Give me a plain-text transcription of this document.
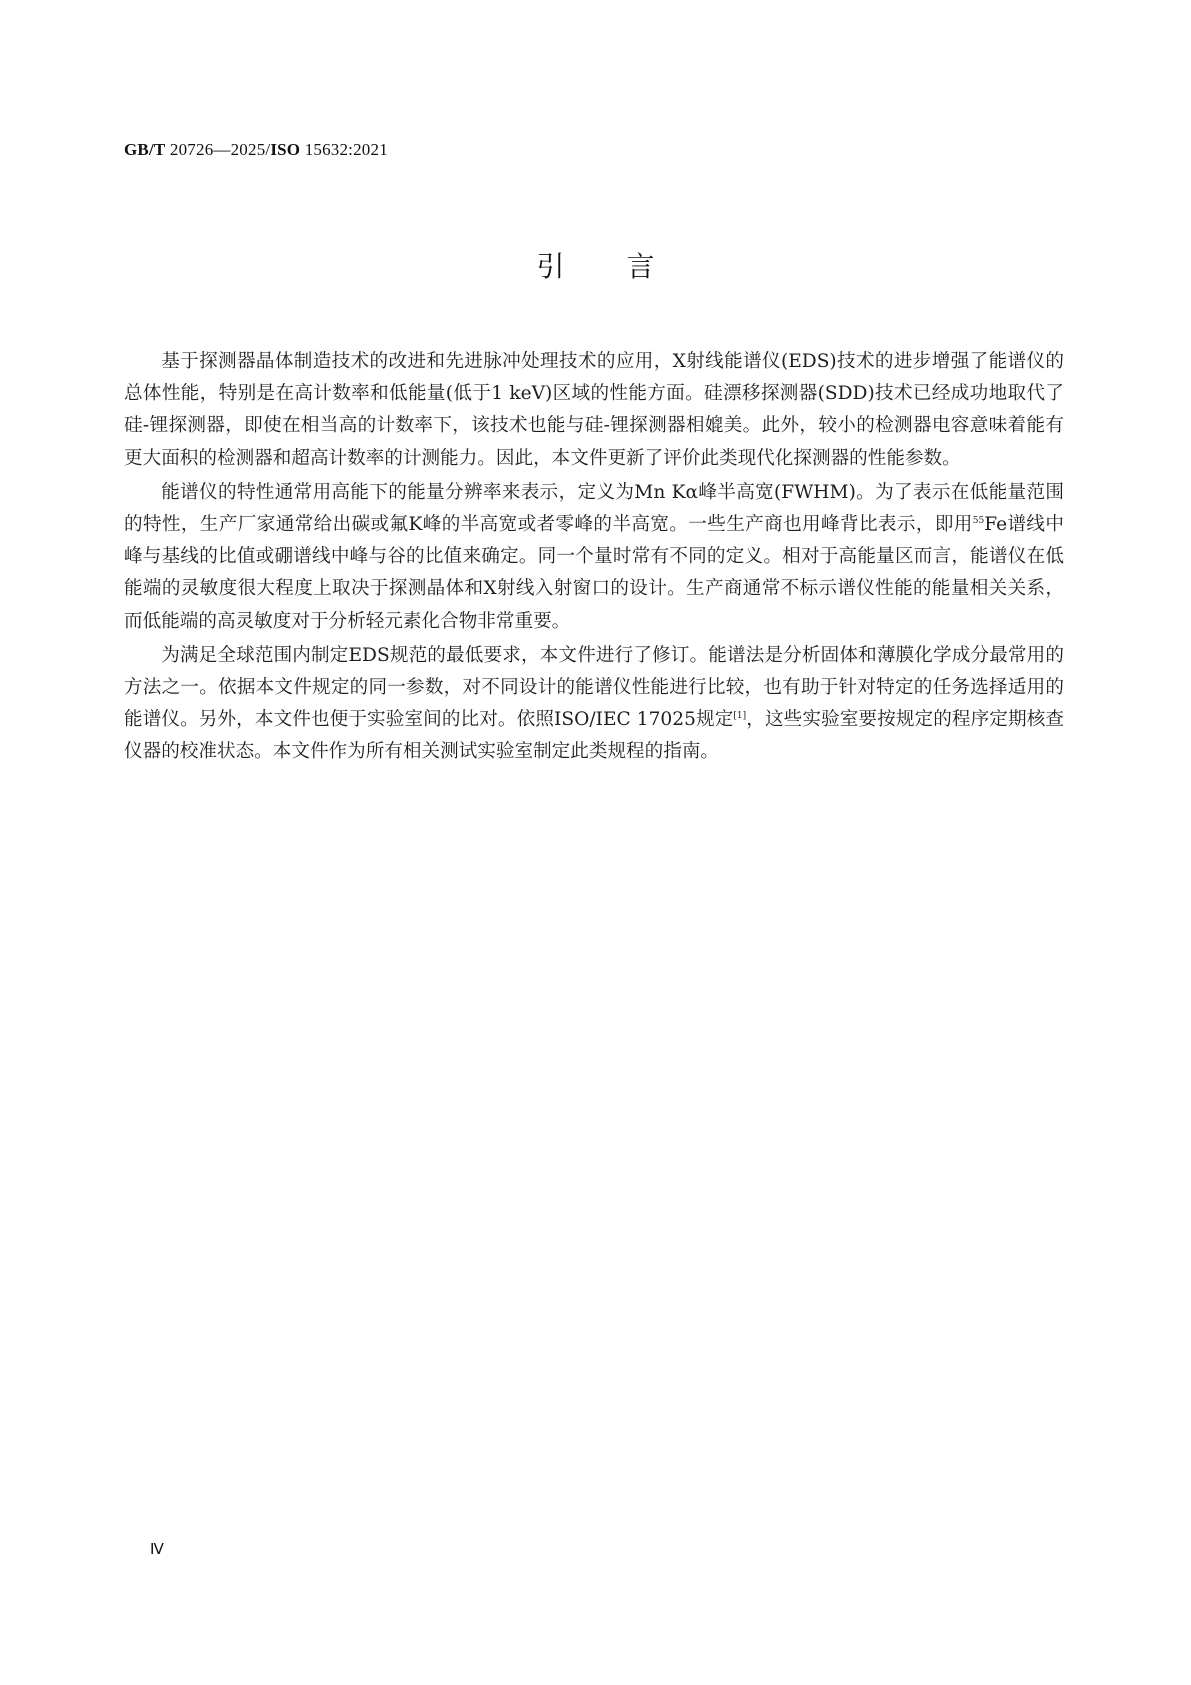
GB/T 20726—2025/ISO 15632:2021
引言

基于探测器晶体制造技术的改进和先进脉冲处理技术的应用，X射线能谱仪(EDS)技术的进步增强了能谱仪的总体性能，特别是在高计数率和低能量(低于1 keV)区域的性能方面。硅漂移探测器(SDD)技术已经成功地取代了硅-锂探测器，即使在相当高的计数率下，该技术也能与硅-锂探测器相媲美。此外，较小的检测器电容意味着能有更大面积的检测器和超高计数率的计测能力。因此，本文件更新了评价此类现代化探测器的性能参数。

能谱仪的特性通常用高能下的能量分辨率来表示，定义为Mn Kα峰半高宽(FWHM)。为了表示在低能量范围的特性，生产厂家通常给出碳或氟K峰的半高宽或者零峰的半高宽。一些生产商也用峰背比表示，即用$^{55}$Fe谱线中峰与基线的比值或硼谱线中峰与谷的比值来确定。同一个量时常有不同的定义。相对于高能量区而言，能谱仪在低能端的灵敏度很大程度上取决于探测晶体和X射线入射窗口的设计。生产商通常不标示谱仪性能的能量相关关系，而低能端的高灵敏度对于分析轻元素化合物非常重要。

为满足全球范围内制定EDS规范的最低要求，本文件进行了修订。能谱法是分析固体和薄膜化学成分最常用的方法之一。依据本文件规定的同一参数，对不同设计的能谱仪性能进行比较，也有助于针对特定的任务选择适用的能谱仪。另外，本文件也便于实验室间的比对。依照ISO/IEC 17025规定[1]，这些实验室要按规定的程序定期核查仪器的校准状态。本文件作为所有相关测试实验室制定此类规程的指南。

Ⅳ
